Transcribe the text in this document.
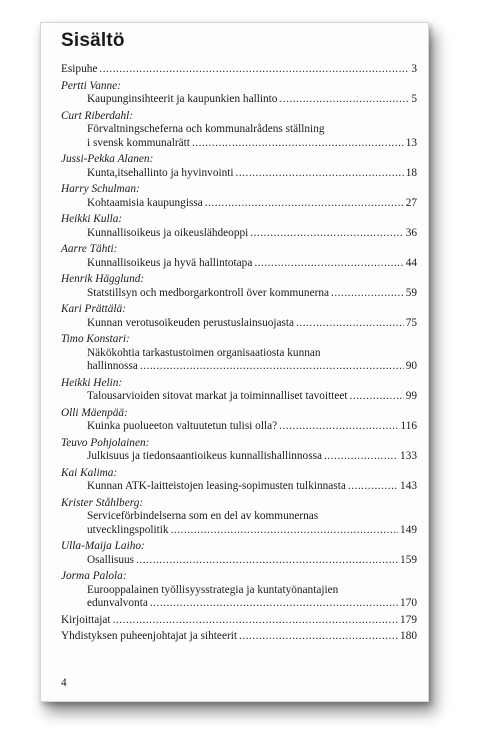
Sisältö
Esipuhe .....	3
Pertti Vanne:
Kaupunginsihteerit ja kaupunkien hallinto .....	5
Curt Riberdahl:
Förvaltningscheferna och kommunalrådens ställning
i svensk kommunalrätt .....	13
Jussi-Pekka Alanen:
Kunta,itsehallinto ja hyvinvointi .....	18
Harry Schulman:
Kohtaamisia kaupungissa .....	27
Heikki Kulla:
Kunnallisoikeus ja oikeuslähdeoppi .....	36
Aarre Tähti:
Kunnallisoikeus ja hyvä hallintotapa .....	44
Henrik Hägglund:
Statstillsyn och medborgarkontroll över kommunerna .....	59
Kari Prättälä:
Kunnan verotusoikeuden perustuslainsuojasta .....	75
Timo Konstari:
Näkökohtia tarkastustoimen organisaatiosta kunnan
hallinnossa .....	90
Heikki Helin:
Talousarvioiden sitovat markat ja toiminnalliset tavoitteet .....	99
Olli Mäenpää:
Kuinka puolueeton valtuutetun tulisi olla? .....	116
Teuvo Pohjolainen:
Julkisuus ja tiedonsaantioikeus kunnallishallinnossa .....	133
Kai Kalima:
Kunnan ATK-laitteistojen leasing-sopimusten tulkinnasta .....	143
Krister Ståhlberg:
Serviceförbindelserna som en del av kommunernas
utvecklingspolitik .....	149
Ulla-Maija Laiho:
Osallisuus .....	159
Jorma Palola:
Eurooppalainen työllisyysstrategia ja kuntatyönantajien
edunvalvonta .....	170
Kirjoittajat .....	179
Yhdistyksen puheenjohtajat ja sihteerit .....	180
4
